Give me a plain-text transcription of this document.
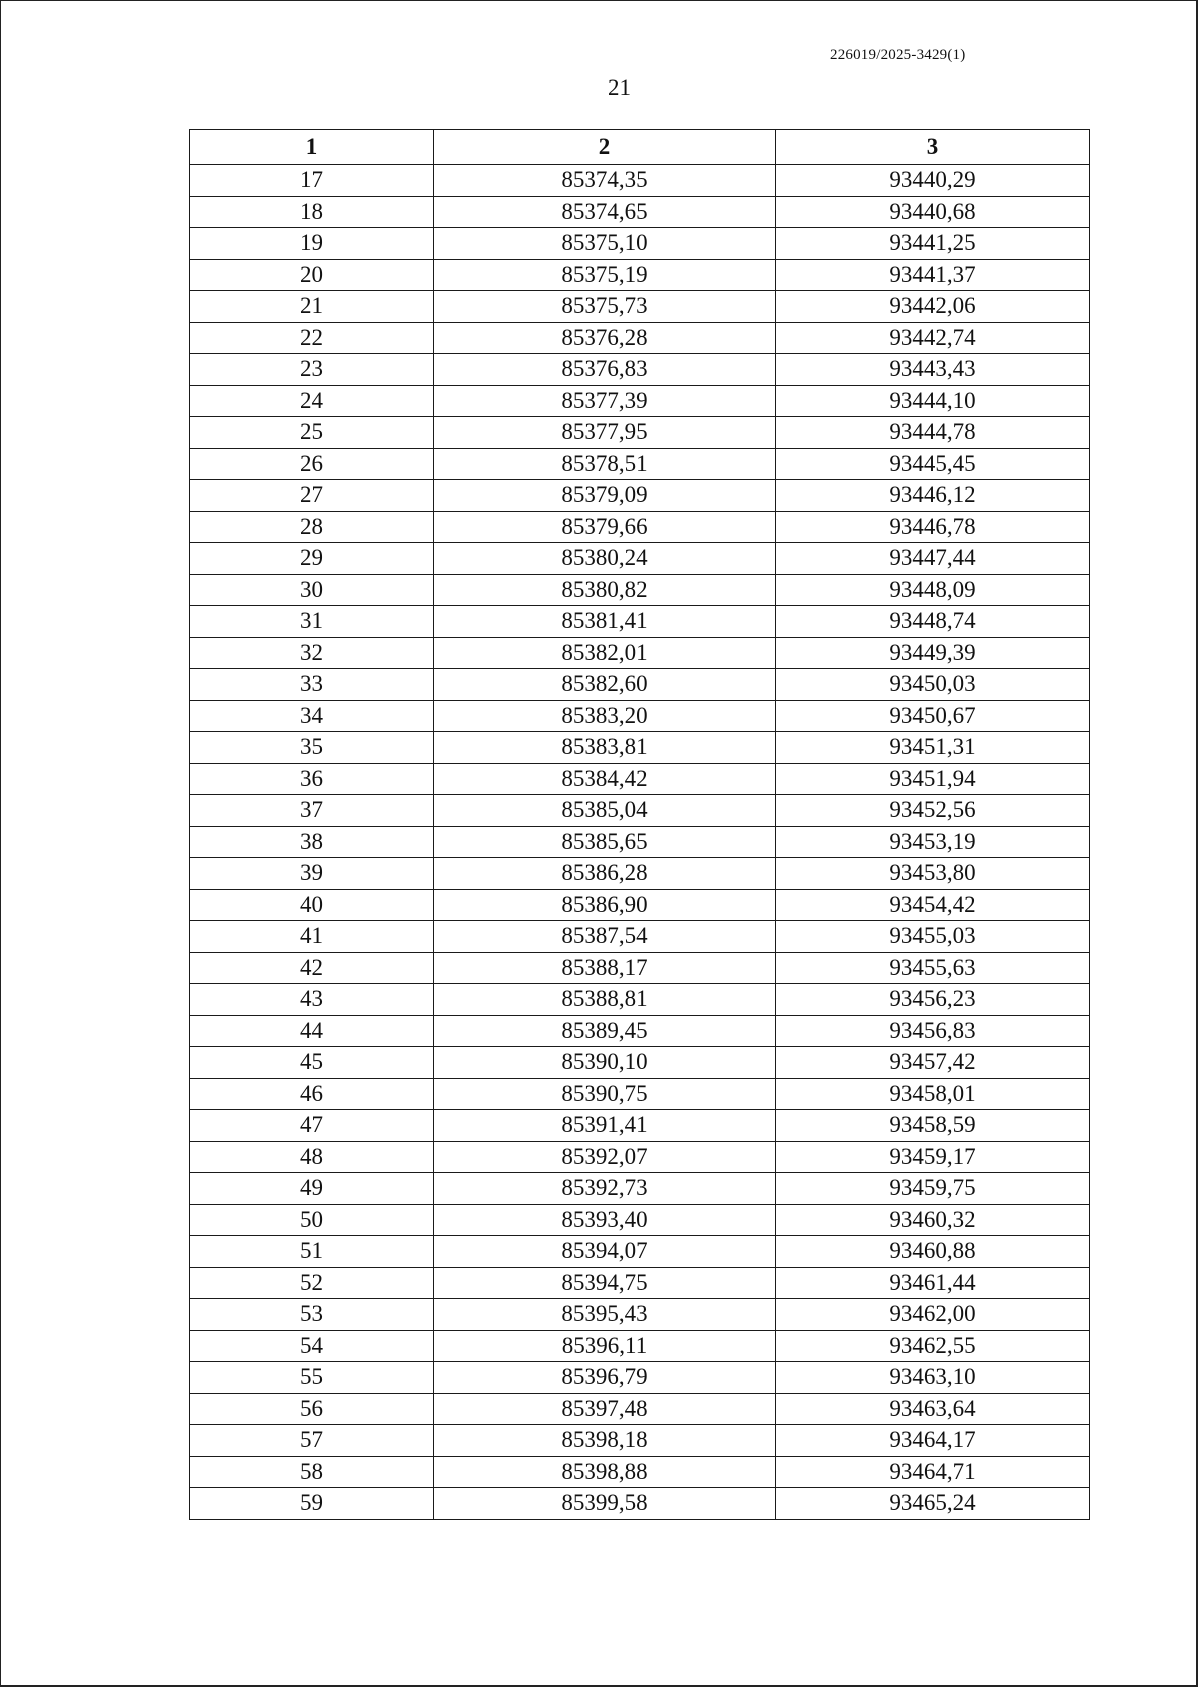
226019/2025-3429(1)
21
1	2	3
17	85374,35	93440,29
18	85374,65	93440,68
19	85375,10	93441,25
20	85375,19	93441,37
21	85375,73	93442,06
22	85376,28	93442,74
23	85376,83	93443,43
24	85377,39	93444,10
25	85377,95	93444,78
26	85378,51	93445,45
27	85379,09	93446,12
28	85379,66	93446,78
29	85380,24	93447,44
30	85380,82	93448,09
31	85381,41	93448,74
32	85382,01	93449,39
33	85382,60	93450,03
34	85383,20	93450,67
35	85383,81	93451,31
36	85384,42	93451,94
37	85385,04	93452,56
38	85385,65	93453,19
39	85386,28	93453,80
40	85386,90	93454,42
41	85387,54	93455,03
42	85388,17	93455,63
43	85388,81	93456,23
44	85389,45	93456,83
45	85390,10	93457,42
46	85390,75	93458,01
47	85391,41	93458,59
48	85392,07	93459,17
49	85392,73	93459,75
50	85393,40	93460,32
51	85394,07	93460,88
52	85394,75	93461,44
53	85395,43	93462,00
54	85396,11	93462,55
55	85396,79	93463,10
56	85397,48	93463,64
57	85398,18	93464,17
58	85398,88	93464,71
59	85399,58	93465,24
